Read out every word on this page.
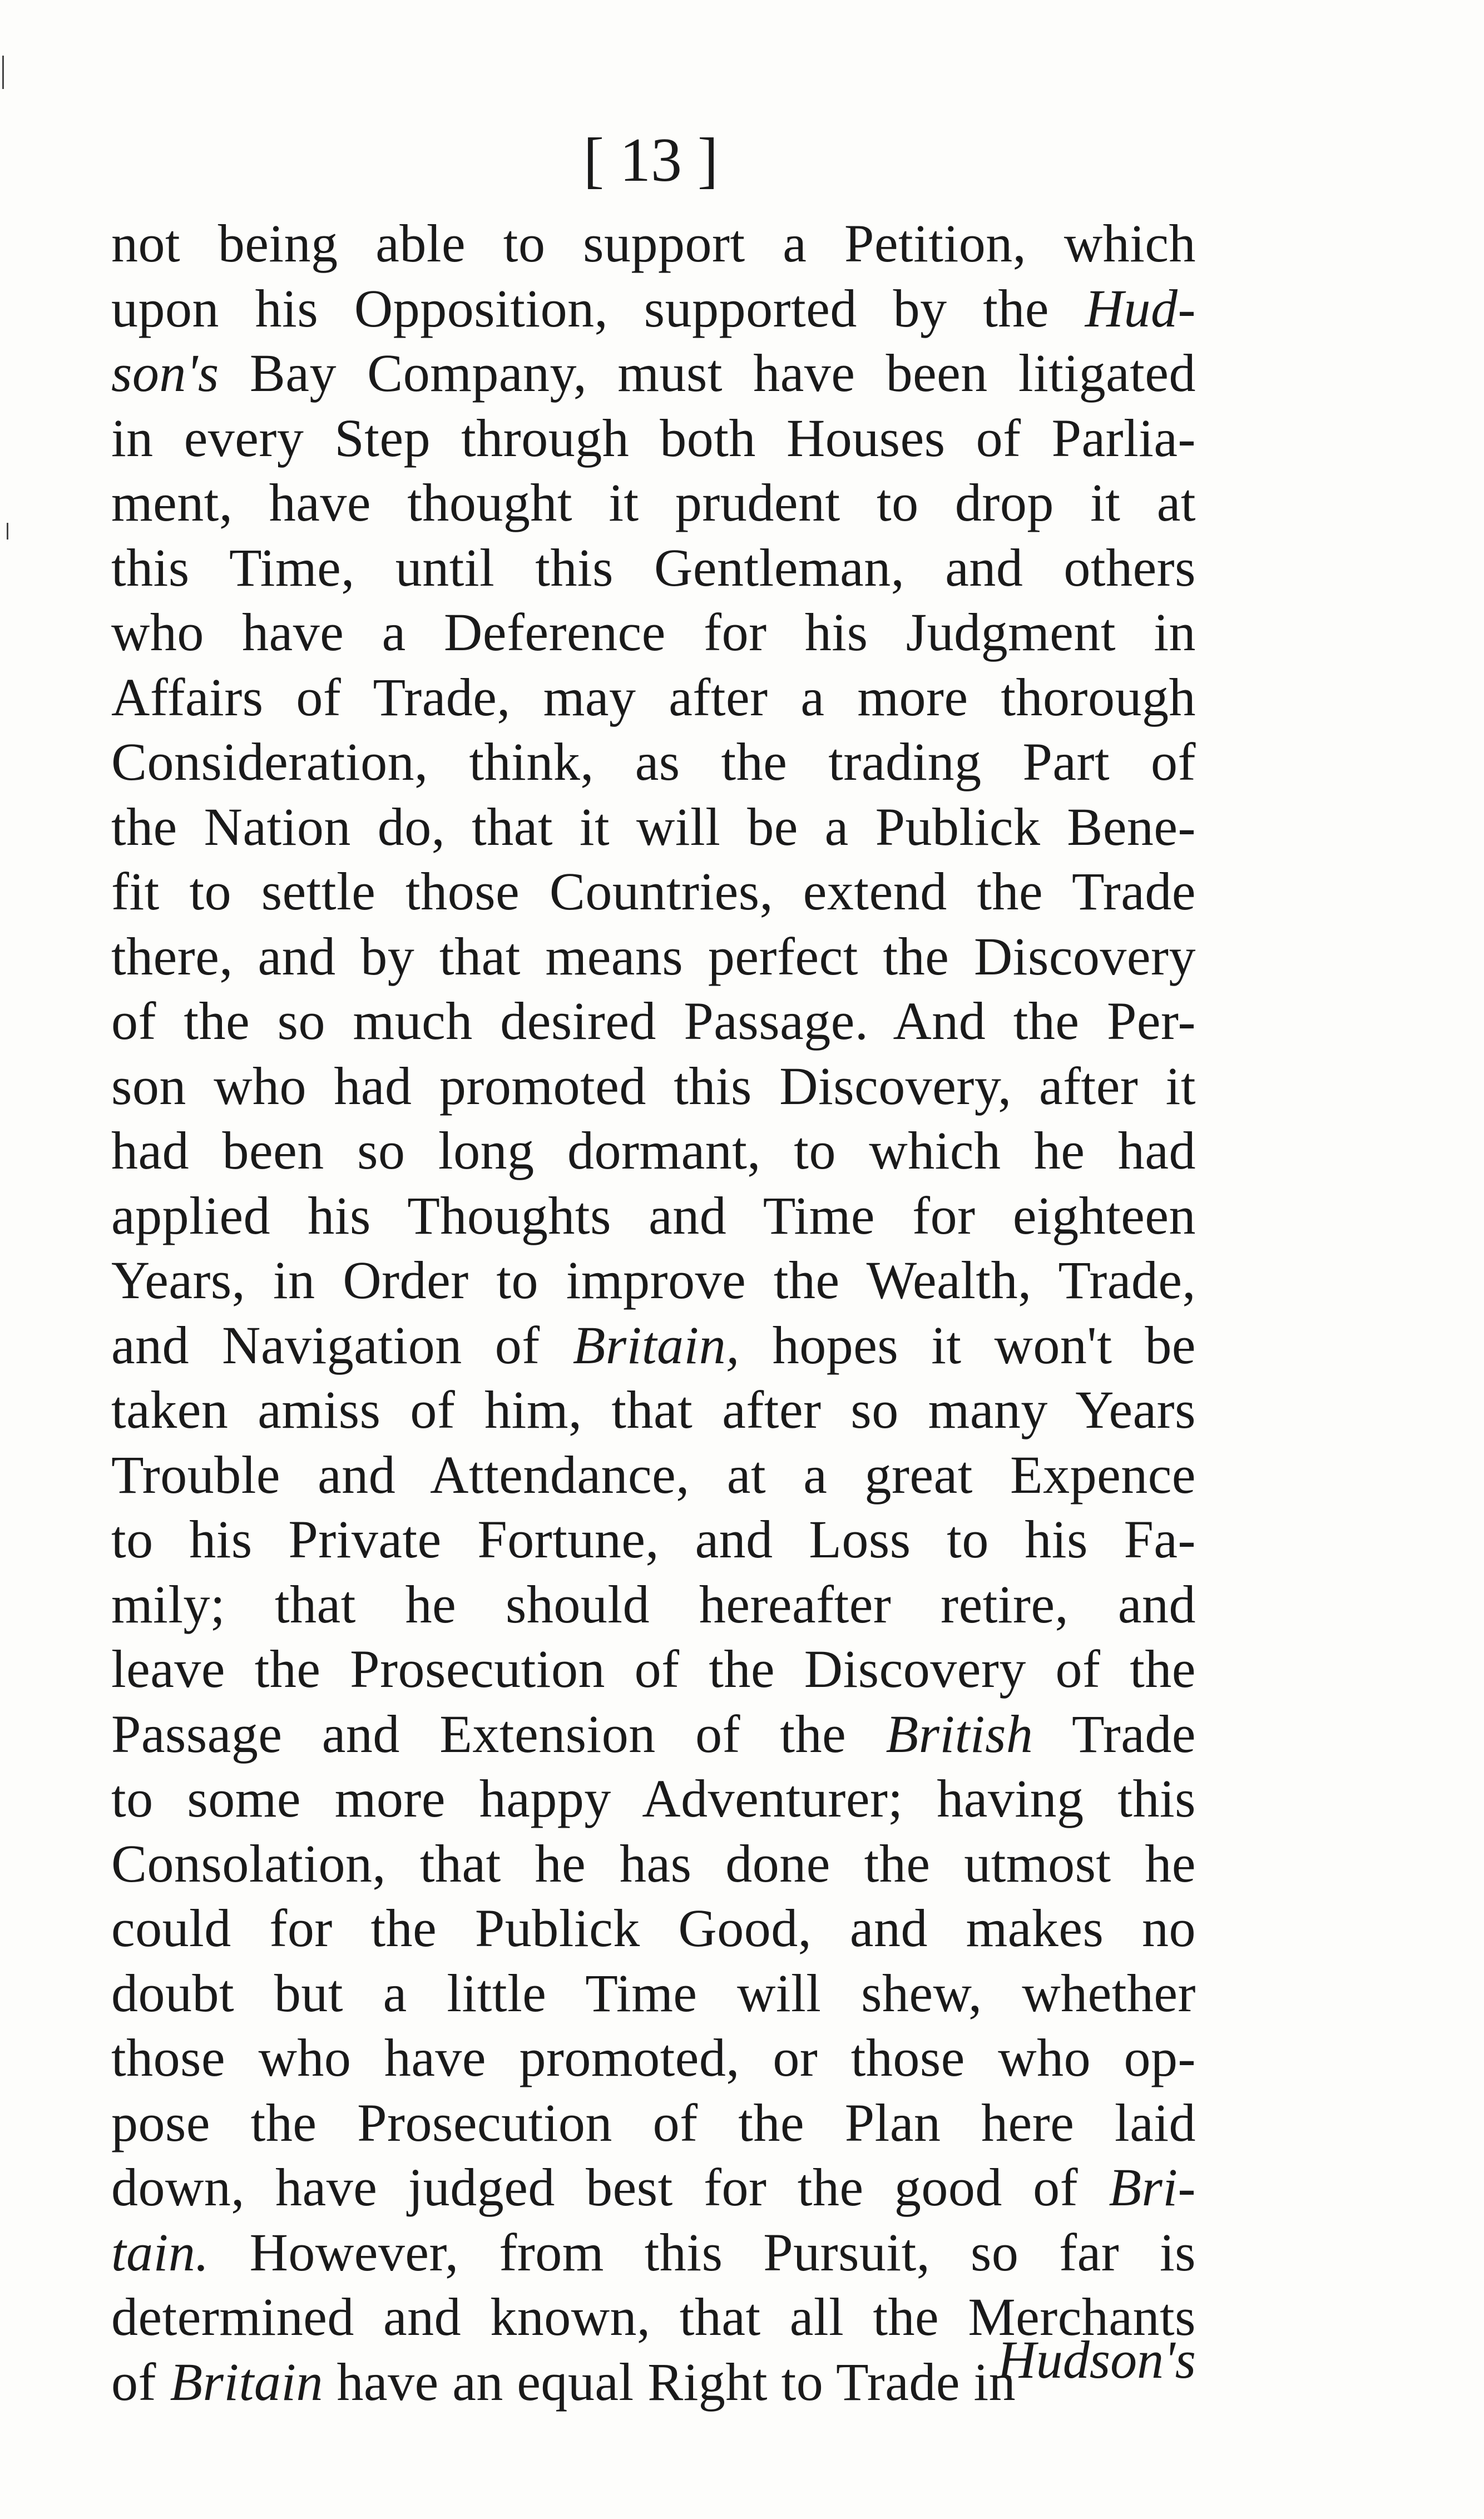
[ 13 ]
not being able to support a Petition, which
upon his Opposition, supported by the Hud-
son's Bay Company, must have been litigated
in every Step through both Houses of Parlia-
ment, have thought it prudent to drop it at
this Time, until this Gentleman, and others
who have a Deference for his Judgment in
Affairs of Trade, may after a more thorough
Consideration, think, as the trading Part of
the Nation do, that it will be a Publick Bene-
fit to settle those Countries, extend the Trade
there, and by that means perfect the Discovery
of the so much desired Passage. And the Per-
son who had promoted this Discovery, after it
had been so long dormant, to which he had
applied his Thoughts and Time for eighteen
Years, in Order to improve the Wealth, Trade,
and Navigation of Britain, hopes it won't be
taken amiss of him, that after so many Years
Trouble and Attendance, at a great Expence
to his Private Fortune, and Loss to his Fa-
mily; that he should hereafter retire, and
leave the Prosecution of the Discovery of the
Passage and Extension of the British Trade
to some more happy Adventurer; having this
Consolation, that he has done the utmost he
could for the Publick Good, and makes no
doubt but a little Time will shew, whether
those who have promoted, or those who op-
pose the Prosecution of the Plan here laid
down, have judged best for the good of Bri-
tain. However, from this Pursuit, so far is
determined and known, that all the Merchants
of Britain have an equal Right to Trade in
Hudson's
